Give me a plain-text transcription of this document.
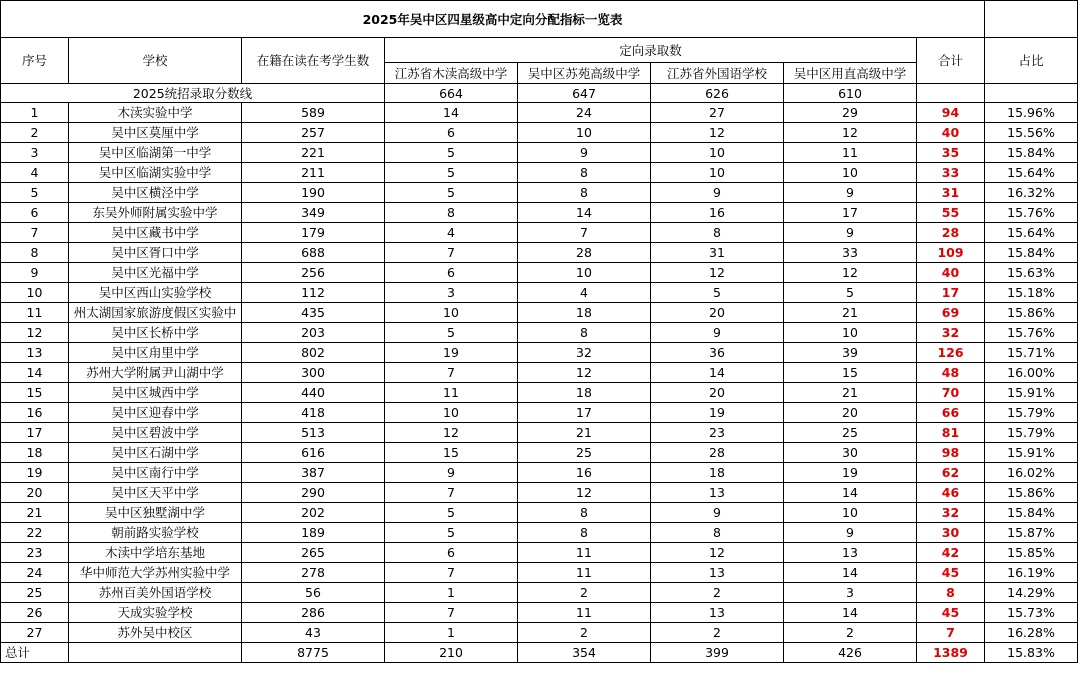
2025年吴中区四星级高中定向分配指标一览表								
序号	学校	在籍在读在考学生数	定向录取数				合计	占比
			江苏省木渎高级中学	吴中区苏苑高级中学	江苏省外国语学校	吴中区用直高级中学		
2025统招录取分数线			664	647	626	610		
1	木渎实验中学	589	14	24	27	29	94	15.96%
2	吴中区莫厘中学	257	6	10	12	12	40	15.56%
3	吴中区临湖第一中学	221	5	9	10	11	35	15.84%
4	吴中区临湖实验中学	211	5	8	10	10	33	15.64%
5	吴中区横泾中学	190	5	8	9	9	31	16.32%
6	东吴外师附属实验中学	349	8	14	16	17	55	15.76%
7	吴中区藏书中学	179	4	7	8	9	28	15.64%
8	吴中区胥口中学	688	7	28	31	33	109	15.84%
9	吴中区光福中学	256	6	10	12	12	40	15.63%
10	吴中区西山实验学校	112	3	4	5	5	17	15.18%
11	州太湖国家旅游度假区实验中	435	10	18	20	21	69	15.86%
12	吴中区长桥中学	203	5	8	9	10	32	15.76%
13	吴中区甪里中学	802	19	32	36	39	126	15.71%
14	苏州大学附属尹山湖中学	300	7	12	14	15	48	16.00%
15	吴中区城西中学	440	11	18	20	21	70	15.91%
16	吴中区迎春中学	418	10	17	19	20	66	15.79%
17	吴中区碧波中学	513	12	21	23	25	81	15.79%
18	吴中区石湖中学	616	15	25	28	30	98	15.91%
19	吴中区南行中学	387	9	16	18	19	62	16.02%
20	吴中区天平中学	290	7	12	13	14	46	15.86%
21	吴中区独墅湖中学	202	5	8	9	10	32	15.84%
22	朝前路实验学校	189	5	8	8	9	30	15.87%
23	木渎中学培东基地	265	6	11	12	13	42	15.85%
24	华中师范大学苏州实验中学	278	7	11	13	14	45	16.19%
25	苏州百美外国语学校	56	1	2	2	3	8	14.29%
26	天成实验学校	286	7	11	13	14	45	15.73%
27	苏外吴中校区	43	1	2	2	2	7	16.28%
总计		8775	210	354	399	426	1389	15.83%
